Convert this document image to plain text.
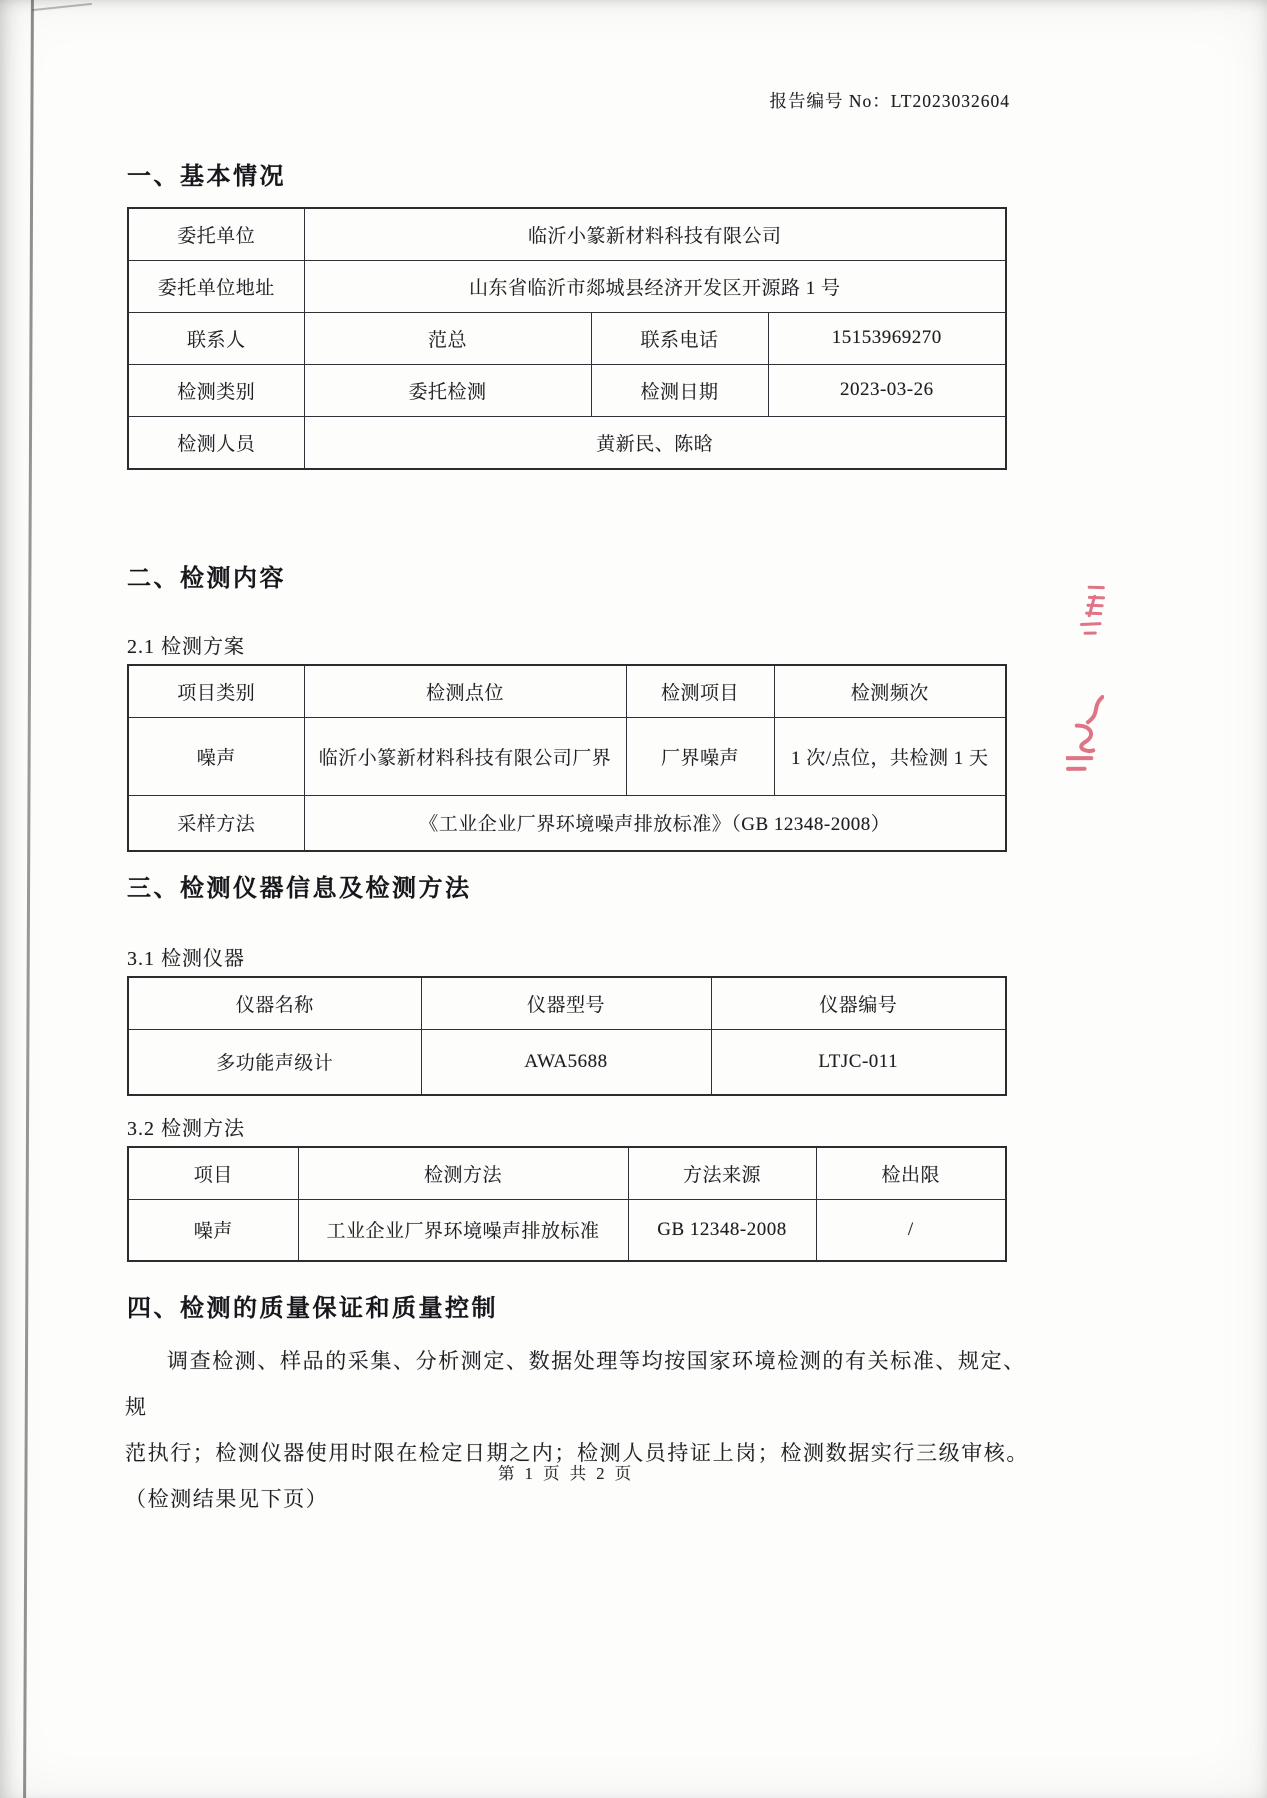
报告编号 No：LT2023032604
一、基本情况
委托单位	临沂小篆新材料科技有限公司		
委托单位地址	山东省临沂市郯城县经济开发区开源路 1 号		
联系人	范总	联系电话	15153969270
检测类别	委托检测	检测日期	2023-03-26
检测人员	黄新民、陈晗		
二、检测内容
2.1 检测方案
项目类别	检测点位	检测项目	检测频次
噪声	临沂小篆新材料科技有限公司厂界	厂界噪声	1 次/点位，共检测 1 天
采样方法	《工业企业厂界环境噪声排放标准》（GB 12348-2008）		
三、检测仪器信息及检测方法
3.1 检测仪器
仪器名称	仪器型号	仪器编号
多功能声级计	AWA5688	LTJC-011
3.2 检测方法
项目	检测方法	方法来源	检出限
噪声	工业企业厂界环境噪声排放标准	GB 12348-2008	/
四、检测的质量保证和质量控制
调查检测、样品的采集、分析测定、数据处理等均按国家环境检测的有关标准、规定、规
范执行；检测仪器使用时限在检定日期之内；检测人员持证上岗；检测数据实行三级审核。
（检测结果见下页）
第 1 页 共 2 页
